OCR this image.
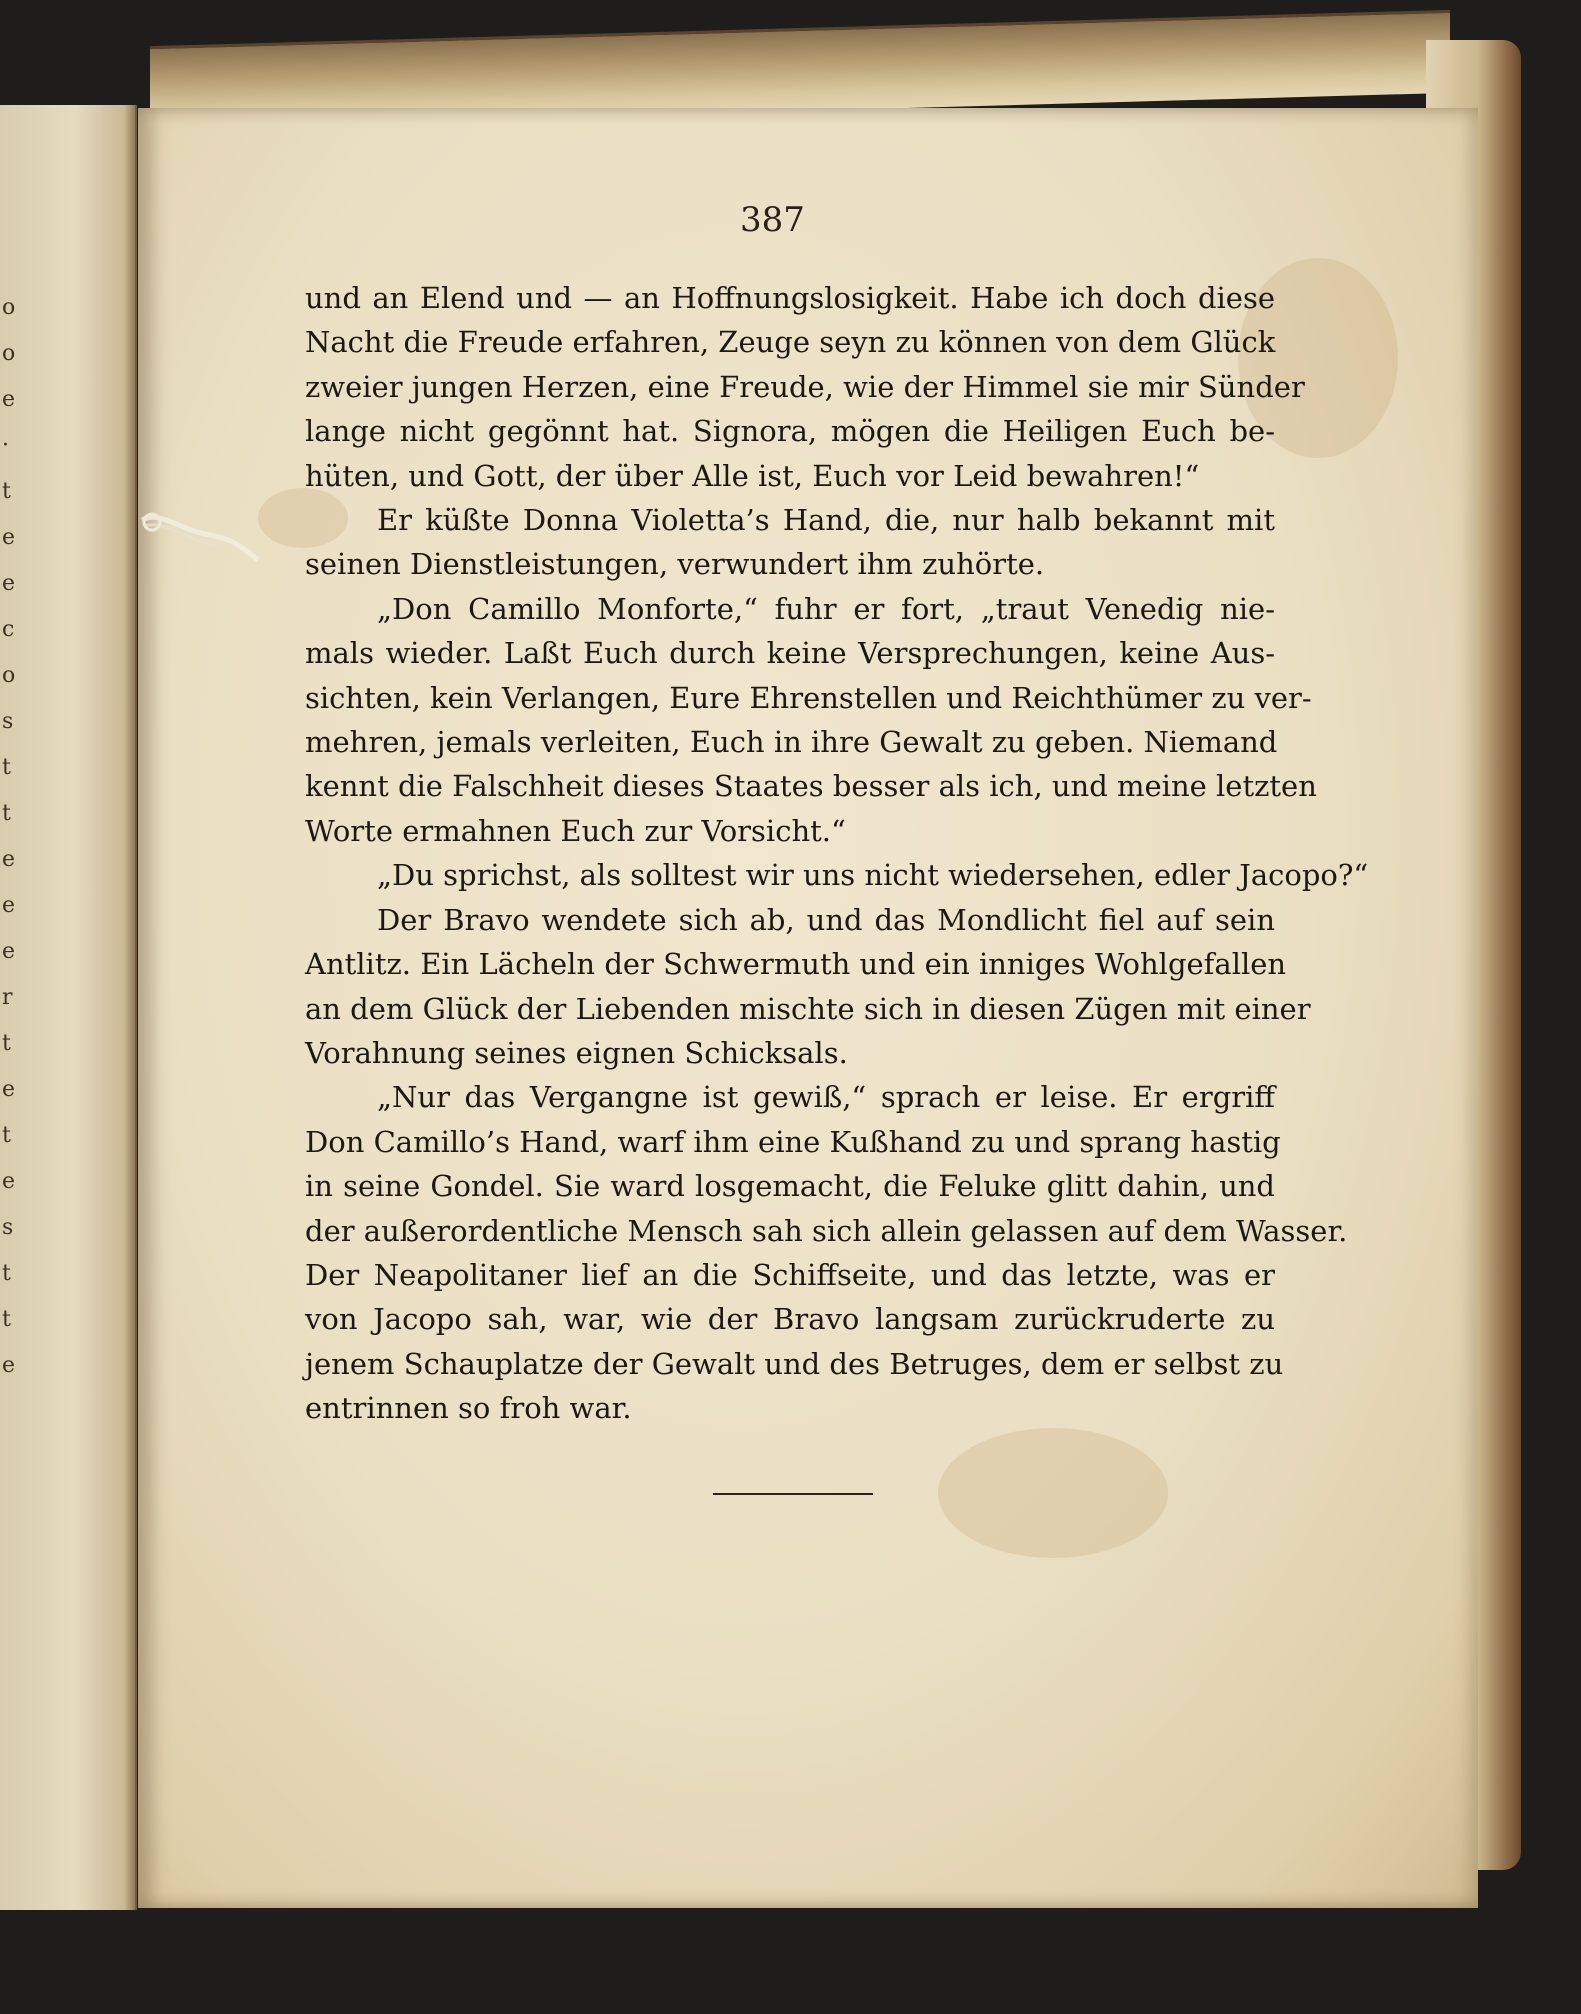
o
o
e
·
t
e
e
c
o
s
t
t
e
e
e
r
t
e
t
e
s
t
t
e
387
und an Elend und — an Hoffnungslosigkeit. Habe ich doch diese
Nacht die Freude erfahren, Zeuge seyn zu können von dem Glück
zweier jungen Herzen, eine Freude, wie der Himmel sie mir Sünder
lange nicht gegönnt hat. Signora, mögen die Heiligen Euch be-
hüten, und Gott, der über Alle ist, Euch vor Leid bewahren!“
Er küßte Donna Violetta’s Hand, die, nur halb bekannt mit
seinen Dienstleistungen, verwundert ihm zuhörte.
„Don Camillo Monforte,“ fuhr er fort, „traut Venedig nie-
mals wieder. Laßt Euch durch keine Versprechungen, keine Aus-
sichten, kein Verlangen, Eure Ehrenstellen und Reichthümer zu ver-
mehren, jemals verleiten, Euch in ihre Gewalt zu geben. Niemand
kennt die Falschheit dieses Staates besser als ich, und meine letzten
Worte ermahnen Euch zur Vorsicht.“
„Du sprichst, als solltest wir uns nicht wiedersehen, edler Jacopo?“
Der Bravo wendete sich ab, und das Mondlicht fiel auf sein
Antlitz. Ein Lächeln der Schwermuth und ein inniges Wohlgefallen
an dem Glück der Liebenden mischte sich in diesen Zügen mit einer
Vorahnung seines eignen Schicksals.
„Nur das Vergangne ist gewiß,“ sprach er leise. Er ergriff
Don Camillo’s Hand, warf ihm eine Kußhand zu und sprang hastig
in seine Gondel. Sie ward losgemacht, die Feluke glitt dahin, und
der außerordentliche Mensch sah sich allein gelassen auf dem Wasser.
Der Neapolitaner lief an die Schiffseite, und das letzte, was er
von Jacopo sah, war, wie der Bravo langsam zurückruderte zu
jenem Schauplatze der Gewalt und des Betruges, dem er selbst zu
entrinnen so froh war.
